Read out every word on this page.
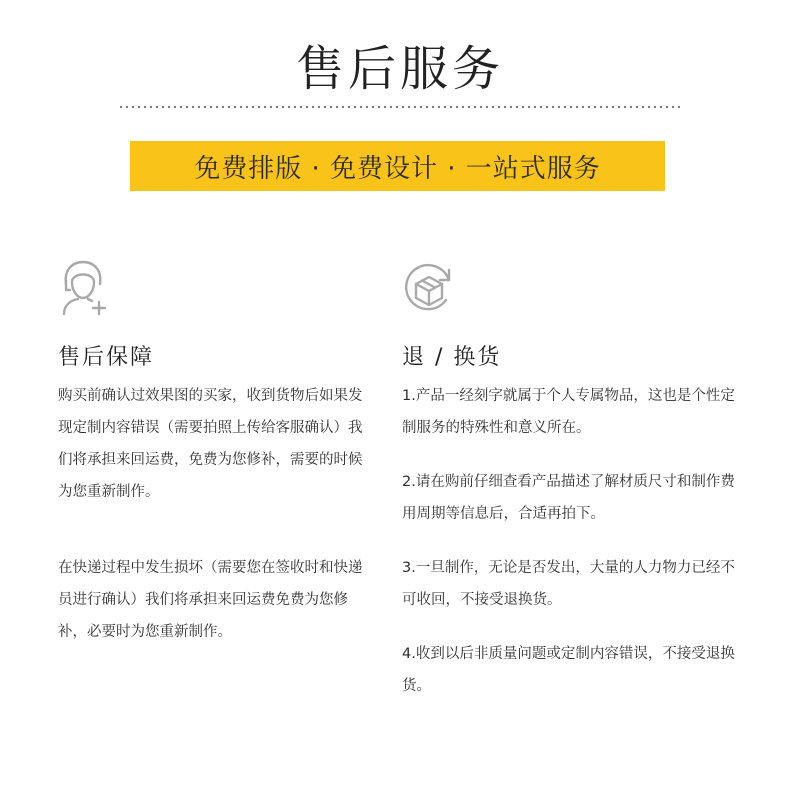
售后服务
免费排版 · 免费设计 · 一站式服务
售后保障
购买前确认过效果图的买家，收到货物后如果发现定制内容错误（需要拍照上传给客服确认）我们将承担来回运费，免费为您修补，需要的时候为您重新制作。
在快递过程中发生损坏（需要您在签收时和快递员进行确认）我们将承担来回运费免费为您修补，必要时为您重新制作。
退 / 换货
1.产品一经刻字就属于个人专属物品，这也是个性定制服务的特殊性和意义所在。
2.请在购前仔细查看产品描述了解材质尺寸和制作费用周期等信息后，合适再拍下。
3.一旦制作，无论是否发出，大量的人力物力已经不可收回，不接受退换货。
4.收到以后非质量问题或定制内容错误，不接受退换货。
